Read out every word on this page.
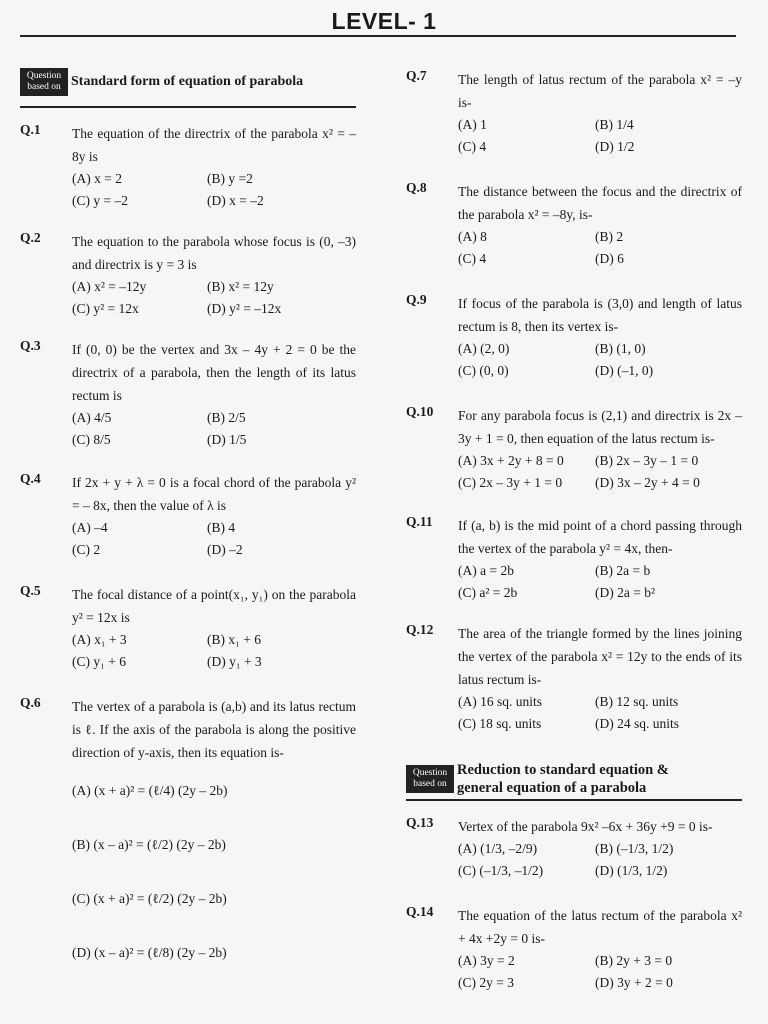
LEVEL- 1
Question based on Standard form of equation of parabola
Q.1	The equation of the directrix of the parabola x² = – 8y is
(A) x = 2	(B) y =2
(C) y = –2	(D) x = –2
Q.2	The equation to the parabola whose focus is (0, –3) and directrix is y = 3 is
(A) x² = –12y	(B) x² = 12y
(C) y² = 12x	(D) y² = –12x
Q.3	If (0, 0) be the vertex and 3x – 4y + 2 = 0 be the directrix of a parabola, then the length of its latus rectum is
(A) 4/5	(B) 2/5
(C) 8/5	(D) 1/5
Q.4	If 2x + y + λ = 0 is a focal chord of the parabola y² = – 8x, then the value of λ is
(A) –4	(B) 4
(C) 2	(D) –2
Q.5	The focal distance of a point(x₁, y₁) on the parabola y² = 12x is
(A) x₁ + 3	(B) x₁ + 6
(C) y₁ + 6	(D) y₁ + 3
Q.6	The vertex of a parabola is (a,b) and its latus rectum is ℓ. If the axis of the parabola is along the positive direction of y-axis, then its equation is-
(A) (x + a)² = (ℓ/4) (2y – 2b)
(B) (x – a)² = (ℓ/2) (2y – 2b)
(C) (x + a)² = (ℓ/2) (2y – 2b)
(D) (x – a)² = (ℓ/8) (2y – 2b)
Q.7	The length of latus rectum of the parabola x² = –y is-
(A) 1	(B) 1/4
(C) 4	(D) 1/2
Q.8	The distance between the focus and the directrix of the parabola x² = –8y, is-
(A) 8	(B) 2
(C) 4	(D) 6
Q.9	If focus of the parabola is (3,0) and length of latus rectum is 8, then its vertex is-
(A) (2, 0)	(B) (1, 0)
(C) (0, 0)	(D) (–1, 0)
Q.10	For any parabola focus is (2,1) and directrix is 2x – 3y + 1 = 0, then equation of the latus rectum is-
(A) 3x + 2y + 8 = 0	(B) 2x – 3y – 1 = 0
(C) 2x – 3y + 1 = 0	(D) 3x – 2y + 4 = 0
Q.11	If (a, b) is the mid point of a chord passing through the vertex of the parabola y² = 4x, then-
(A) a = 2b	(B) 2a = b
(C) a² = 2b	(D) 2a = b²
Q.12	The area of the triangle formed by the lines joining the vertex of the parabola x² = 12y to the ends of its latus rectum is-
(A) 16 sq. units	(B) 12 sq. units
(C) 18 sq. units	(D) 24 sq. units
Question based on
Reduction to standard equation &
general equation of a parabola
Q.13	Vertex of the parabola 9x² –6x + 36y +9 = 0 is-
(A) (1/3, –2/9)	(B) (–1/3, 1/2)
(C) (–1/3, –1/2)	(D) (1/3, 1/2)
Q.14	The equation of the latus rectum of the parabola x² + 4x +2y = 0 is-
(A) 3y = 2	(B) 2y + 3 = 0
(C) 2y = 3	(D) 3y + 2 = 0
